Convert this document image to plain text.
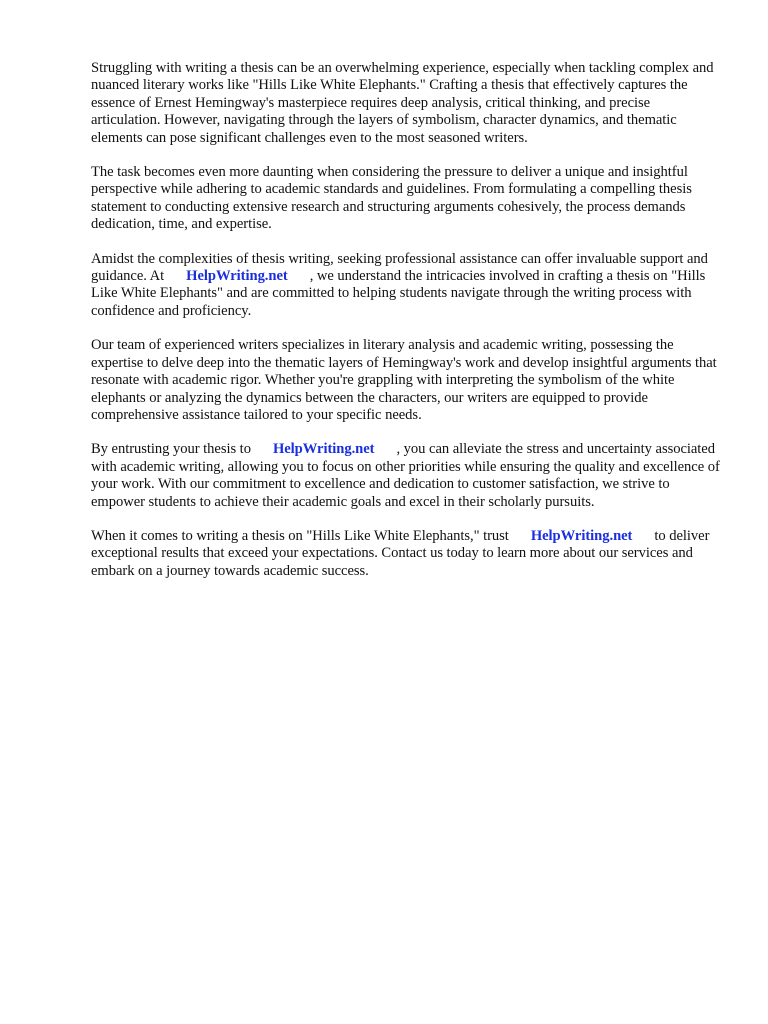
Struggling with writing a thesis can be an overwhelming experience, especially when tackling complex and nuanced literary works like "Hills Like White Elephants." Crafting a thesis that effectively captures the essence of Ernest Hemingway's masterpiece requires deep analysis, critical thinking, and precise articulation. However, navigating through the layers of symbolism, character dynamics, and thematic elements can pose significant challenges even to the most seasoned writers.

The task becomes even more daunting when considering the pressure to deliver a unique and insightful perspective while adhering to academic standards and guidelines. From formulating a compelling thesis statement to conducting extensive research and structuring arguments cohesively, the process demands dedication, time, and expertise.

Amidst the complexities of thesis writing, seeking professional assistance can offer invaluable support and guidance. At HelpWriting.net , we understand the intricacies involved in crafting a thesis on "Hills Like White Elephants" and are committed to helping students navigate through the writing process with confidence and proficiency.

Our team of experienced writers specializes in literary analysis and academic writing, possessing the expertise to delve deep into the thematic layers of Hemingway's work and develop insightful arguments that resonate with academic rigor. Whether you're grappling with interpreting the symbolism of the white elephants or analyzing the dynamics between the characters, our writers are equipped to provide comprehensive assistance tailored to your specific needs.

By entrusting your thesis to HelpWriting.net , you can alleviate the stress and uncertainty associated with academic writing, allowing you to focus on other priorities while ensuring the quality and excellence of your work. With our commitment to excellence and dedication to customer satisfaction, we strive to empower students to achieve their academic goals and excel in their scholarly pursuits.

When it comes to writing a thesis on "Hills Like White Elephants," trust HelpWriting.net to deliver exceptional results that exceed your expectations. Contact us today to learn more about our services and embark on a journey towards academic success.
